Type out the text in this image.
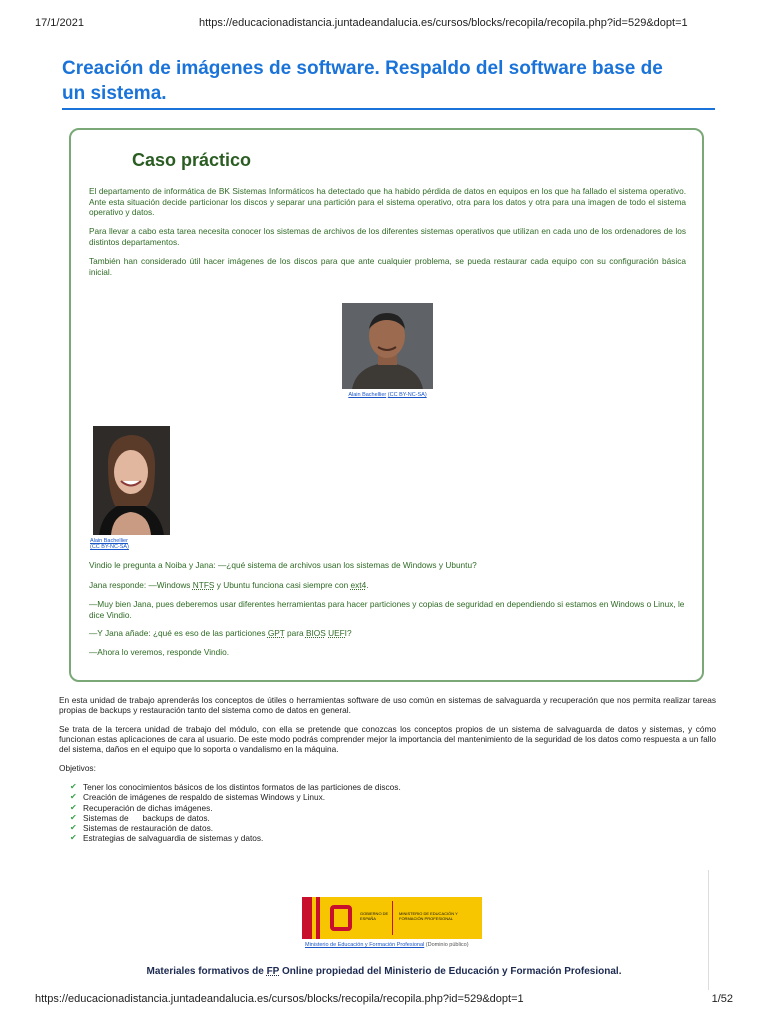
17/1/2021	https://educacionadistancia.juntadeandalucia.es/cursos/blocks/recopila/recopila.php?id=529&dopt=1
Creación de imágenes de software. Respaldo del software base de un sistema.
Caso práctico
El departamento de informática de BK Sistemas Informáticos ha detectado que ha habido pérdida de datos en equipos en los que ha fallado el sistema operativo. Ante esta situación decide particionar los discos y separar una partición para el sistema operativo, otra para los datos y otra para una imagen de todo el sistema operativo y datos.
Para llevar a cabo esta tarea necesita conocer los sistemas de archivos de los diferentes sistemas operativos que utilizan en cada uno de los ordenadores de los distintos departamentos.
También han considerado útil hacer imágenes de los discos para que ante cualquier problema, se pueda restaurar cada equipo con su configuración básica inicial.
Alain Bachellier (CC BY-NC-SA)
Alain Bachellier (CC BY-NC-SA)
Vindio le pregunta a Noiba y Jana: —¿qué sistema de archivos usan los sistemas de Windows y Ubuntu?
Jana responde: —Windows NTFS y Ubuntu funciona casi siempre con ext4.
—Muy bien Jana, pues deberemos usar diferentes herramientas para hacer particiones y copias de seguridad en dependiendo si estamos en Windows o Linux, le dice Vindio.
—Y Jana añade: ¿qué es eso de las particiones GPT para BIOS UEFI?
—Ahora lo veremos, responde Vindio.
En esta unidad de trabajo aprenderás los conceptos de útiles o herramientas software de uso común en sistemas de salvaguarda y recuperación que nos permita realizar tareas propias de backups y restauración tanto del sistema como de datos en general.
Se trata de la tercera unidad de trabajo del módulo, con ella se pretende que conozcas los conceptos propios de un sistema de salvaguarda de datos y sistemas, y cómo funcionan estas aplicaciones de cara al usuario. De este modo podrás comprender mejor la importancia del mantenimiento de la seguridad de los datos como respuesta a un fallo del sistema, daños en el equipo que lo soporta o vandalismo en la máquina.
Objetivos:
✔ Tener los conocimientos básicos de los distintos formatos de las particiones de discos.
✔ Creación de imágenes de respaldo de sistemas Windows y Linux.
✔ Recuperación de dichas imágenes.
✔ Sistemas de      backups de datos.
✔ Sistemas de restauración de datos.
✔ Estrategias de salvaguardia de sistemas y datos.
GOBIERNO DE ESPAÑA
MINISTERIO DE EDUCACIÓN Y FORMACIÓN PROFESIONAL
Ministerio de Educación y Formación Profesional (Dominio público)
Materiales formativos de FP Online propiedad del Ministerio de Educación y Formación Profesional.
https://educacionadistancia.juntadeandalucia.es/cursos/blocks/recopila/recopila.php?id=529&dopt=1	1/52
